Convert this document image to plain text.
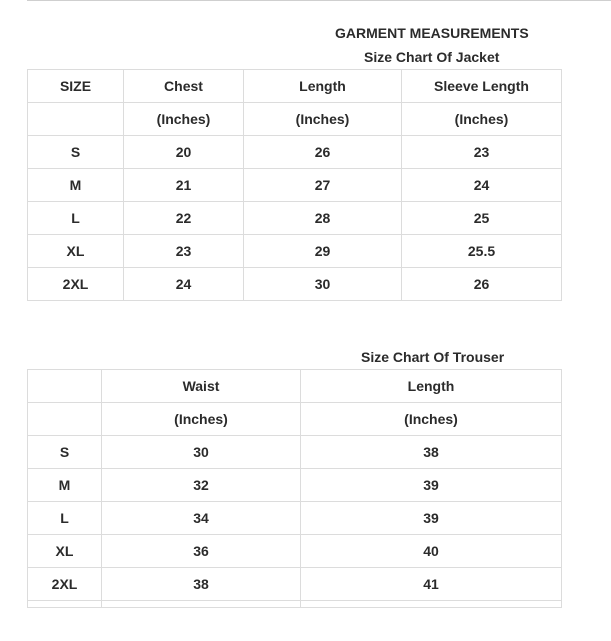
GARMENT MEASUREMENTS
Size Chart Of Jacket
SIZE	Chest	Length	Sleeve Length
	(Inches)	(Inches)	(Inches)
S	20	26	23
M	21	27	24
L	22	28	25
XL	23	29	25.5
2XL	24	30	26
Size Chart Of Trouser
	Waist	Length
	(Inches)	(Inches)
S	30	38
M	32	39
L	34	39
XL	36	40
2XL	38	41
